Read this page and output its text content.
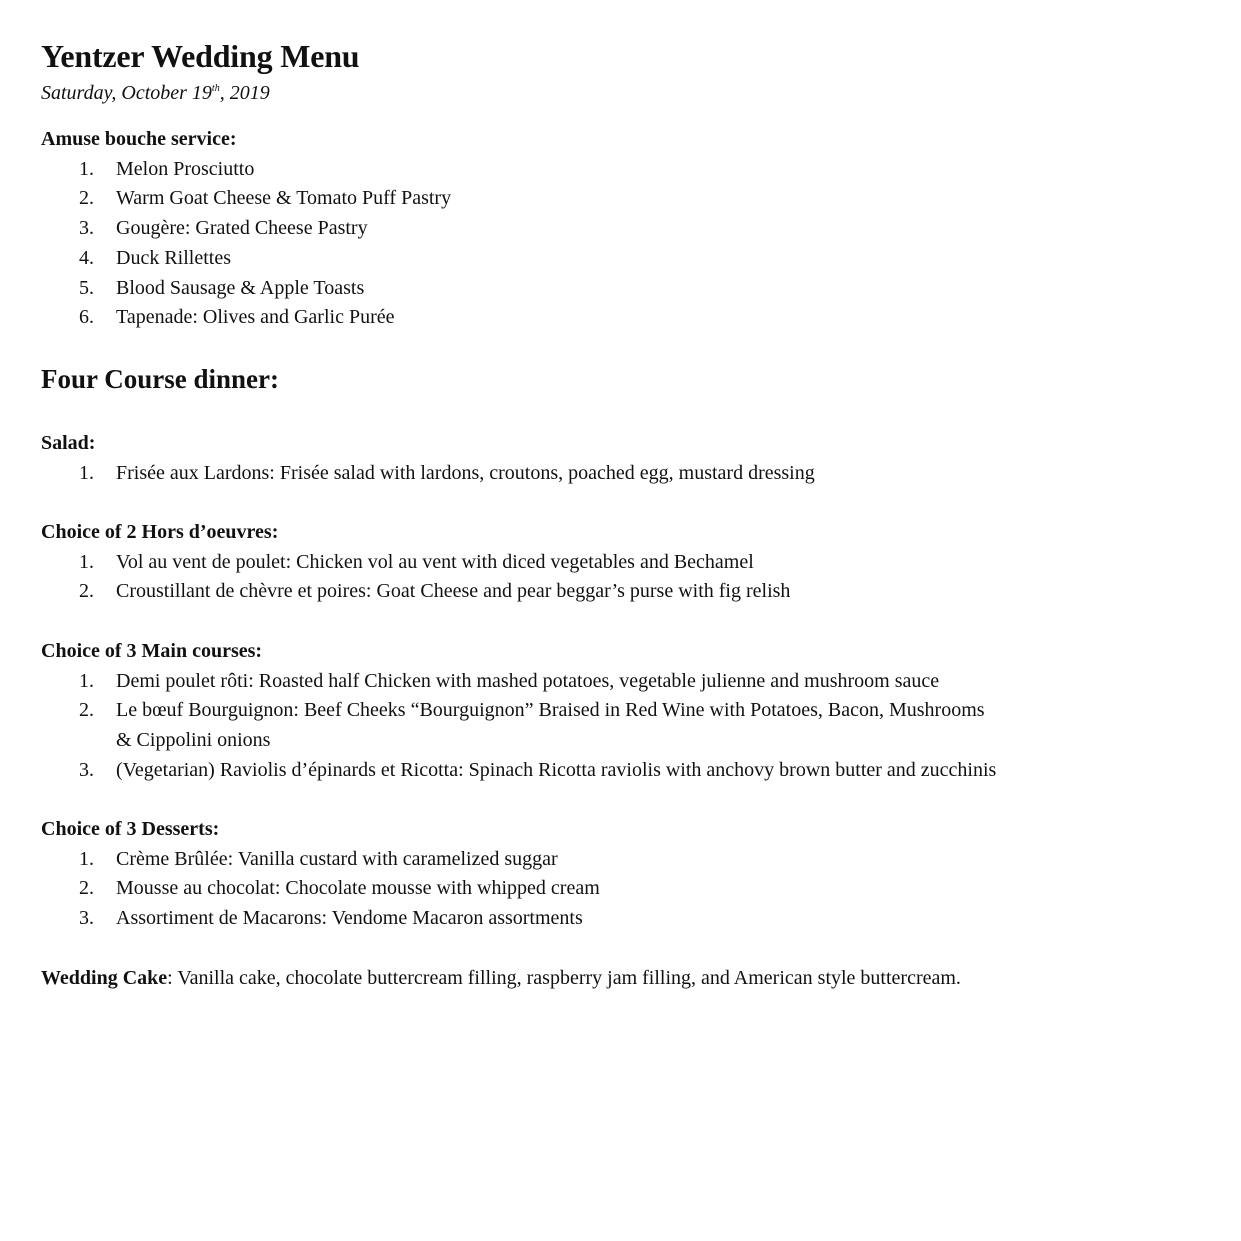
Yentzer Wedding Menu

Saturday, October 19th, 2019

Amuse bouche service:

1.	Melon Prosciutto
2.	Warm Goat Cheese & Tomato Puff Pastry
3.	Gougère: Grated Cheese Pastry
4.	Duck Rillettes
5.	Blood Sausage & Apple Toasts
6.	Tapenade: Olives and Garlic Purée
Four Course dinner:

Salad:

1.	Frisée aux Lardons: Frisée salad with lardons, croutons, poached egg, mustard dressing

Choice of 2 Hors d’oeuvres:

1.	Vol au vent de poulet: Chicken vol au vent with diced vegetables and Bechamel
2.	Croustillant de chèvre et poires: Goat Cheese and pear beggar’s purse with fig relish

Choice of 3 Main courses:

1.	Demi poulet rôti: Roasted half Chicken with mashed potatoes, vegetable julienne and mushroom sauce
2.	Le bœuf Bourguignon: Beef Cheeks “Bourguignon” Braised in Red Wine with Potatoes, Bacon, Mushrooms & Cippolini onions
3.	(Vegetarian) Raviolis d’épinards et Ricotta: Spinach Ricotta raviolis with anchovy brown butter and zucchinis

Choice of 3 Desserts:

1.	Crème Brûlée: Vanilla custard with caramelized suggar
2.	Mousse au chocolat: Chocolate mousse with whipped cream
3.	Assortiment de Macarons: Vendome Macaron assortments

Wedding Cake: Vanilla cake, chocolate buttercream filling, raspberry jam filling, and American style buttercream.
